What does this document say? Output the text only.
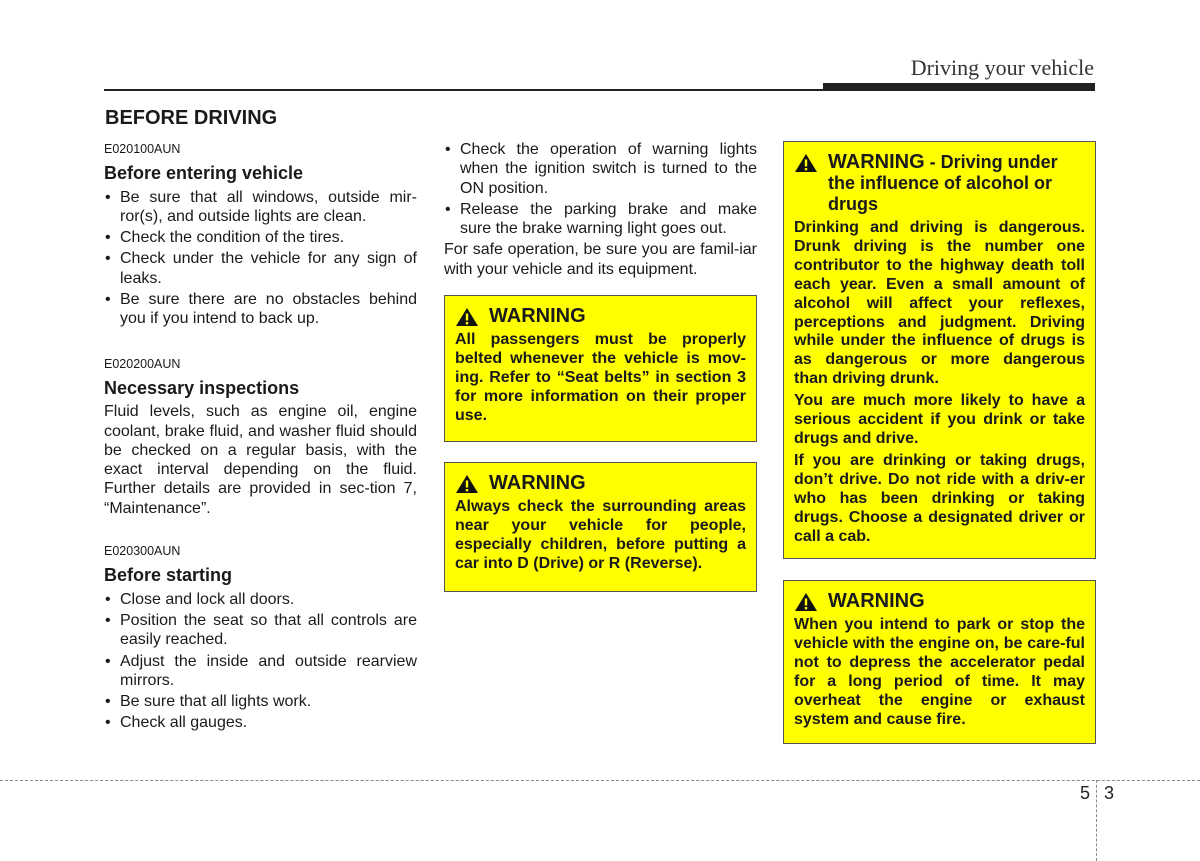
Driving your vehicle
BEFORE DRIVING
E020100AUN
Before entering vehicle
• Be sure that all windows, outside mir-ror(s), and outside lights are clean.
• Check the condition of the tires.
• Check under the vehicle for any sign of leaks.
• Be sure there are no obstacles behind you if you intend to back up.
E020200AUN
Necessary inspections

Fluid levels, such as engine oil, engine coolant, brake fluid, and washer fluid should be checked on a regular basis, with the exact interval depending on the fluid. Further details are provided in sec-tion 7, “Maintenance”.

E020300AUN
Before starting
• Close and lock all doors.
• Position the seat so that all controls are easily reached.
• Adjust the inside and outside rearview mirrors.
• Be sure that all lights work.
• Check all gauges.
• Check the operation of warning lights when the ignition switch is turned to the ON position.
• Release the parking brake and make sure the brake warning light goes out.

For safe operation, be sure you are famil-iar with your vehicle and its equipment.

WARNING

All passengers must be properly belted whenever the vehicle is mov-ing. Refer to “Seat belts” in section 3 for more information on their proper use.

WARNING

Always check the surrounding areas near your vehicle for people, especially children, before putting a car into D (Drive) or R (Reverse).

WARNING - Driving under the influence of alcohol or drugs

Drinking and driving is dangerous. Drunk driving is the number one contributor to the highway death toll each year. Even a small amount of alcohol will affect your reflexes, perceptions and judgment. Driving while under the influence of drugs is as dangerous or more dangerous than driving drunk.

You are much more likely to have a serious accident if you drink or take drugs and drive.

If you are drinking or taking drugs, don’t drive. Do not ride with a driv-er who has been drinking or taking drugs. Choose a designated driver or call a cab.

WARNING

When you intend to park or stop the vehicle with the engine on, be care-ful not to depress the accelerator pedal for a long period of time. It may overheat the engine or exhaust system and cause fire.

5 3
